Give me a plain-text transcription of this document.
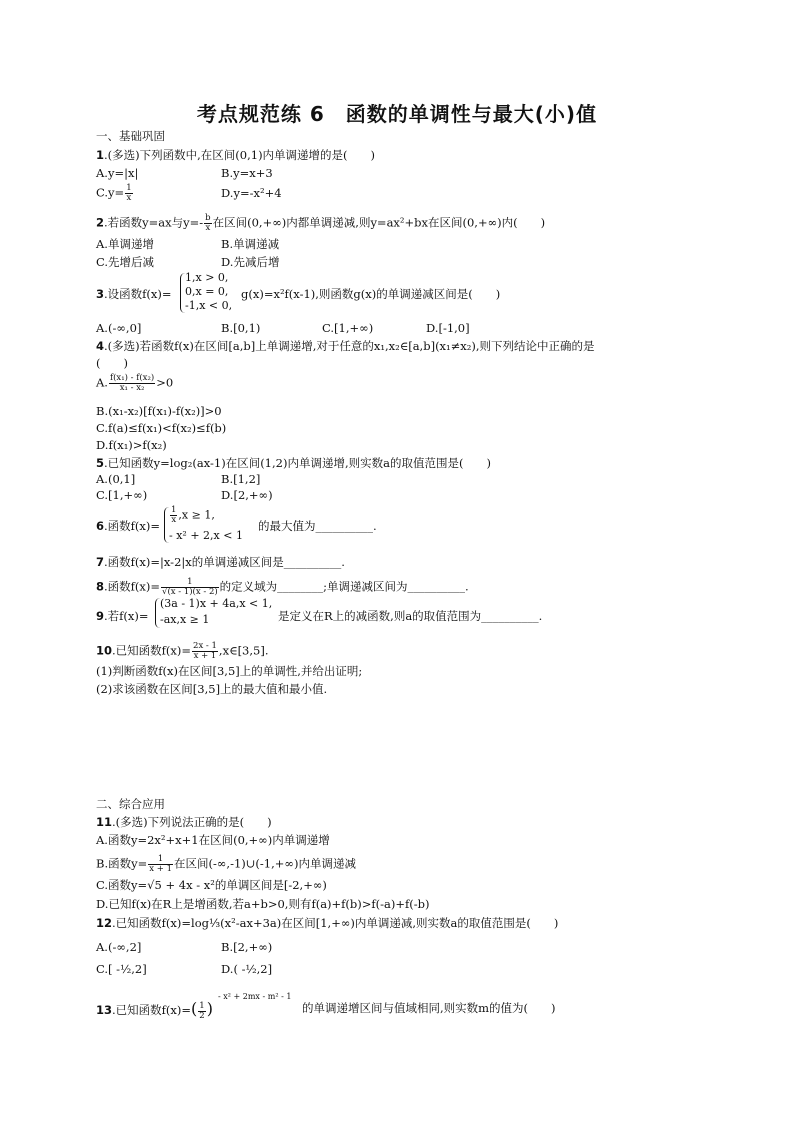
考点规范练 6　函数的单调性与最大(小)值
一、基础巩固
1.(多选)下列函数中,在区间(0,1)内单调递增的是(　　)
A.y=|x|	B.y=x+3
$C.y= \frac{1}{x}$	D.y=-x²+4
2.若函数y=ax与$y=- \frac{b}{x}$ 在区间(0,+∞)内都单调递减,则y=ax²+bx在区间(0,+∞)内(　　)
A.单调递增	B.单调递减
C.先增后减	D.先减后增
3.设函数f(x)=
1,x > 0,
0,x = 0,
-1,x < 0,
g(x)=x²f(x-1),则函数g(x)的单调递减区间是(　　)
A.(-∞,0]	B.[0,1)	C.[1,+∞)	D.[-1,0]
4.(多选)若函数f(x)在区间[a,b]上单调递增,对于任意的x₁,x₂∈[a,b](x₁≠x₂),则下列结论中正确的是
(　　)
A. $\frac{\text{f(x₁) - f(x₂)}}{\text{x₁ - x₂}} >0$
B.(x₁-x₂)[f(x₁)-f(x₂)]>0
C.f(a)≤f(x₁)<f(x₂)≤f(b)
D.f(x₁)>f(x₂)
5.已知函数y=log₂(ax-1)在区间(1,2)内单调递增,则实数a的取值范围是(　　)
A.(0,1]	B.[1,2]
C.[1,+∞)	D.[2,+∞)
6.函数f(x)=
$\frac{1}{x} ,x \ge 1$,
- x² + 2,x < 1
的最大值为__________.
7.函数f(x)=|x-2|x的单调递减区间是__________.
8.函数$f(x)= \frac{1}{√(x - 1)(x - 2)}$ 的定义域为________;单调递减区间为__________.
9.若f(x)=
(3a - 1)x + 4a,x < 1,
-ax,x ≥ 1	是定义在R上的减函数,则a的取值范围为__________.
10.已知函数$f(x)= \frac{2x - 1}{x + 1}$ ,x∈[3,5].
(1)判断函数f(x)在区间[3,5]上的单调性,并给出证明;
(2)求该函数在区间[3,5]上的最大值和最小值.
二、综合应用
11.(多选)下列说法正确的是(　　)
A.函数y=2x²+x+1在区间(0,+∞)内单调递增
B.函数$y= \frac{1}{x + 1}$ 在区间(-∞,-1)∪(-1,+∞)内单调递减
C.函数y=√5 + 4x - x²的单调区间是[-2,+∞)
D.已知f(x)在R上是增函数,若a+b>0,则有f(a)+f(b)>f(-a)+f(-b)
12.已知函数f(x)=log⅓(x²-ax+3a)在区间[1,+∞)内单调递减,则实数a的取值范围是(　　)
A.(-∞,2]	B.[2,+∞)
C.[ -½,2]	D.( -½,2]
13.已知函数$f(x)=( \frac{1}{2}$ )
- x² + 2mx - m² - 1
的单调递增区间与值域相同,则实数m的值为(　　)
